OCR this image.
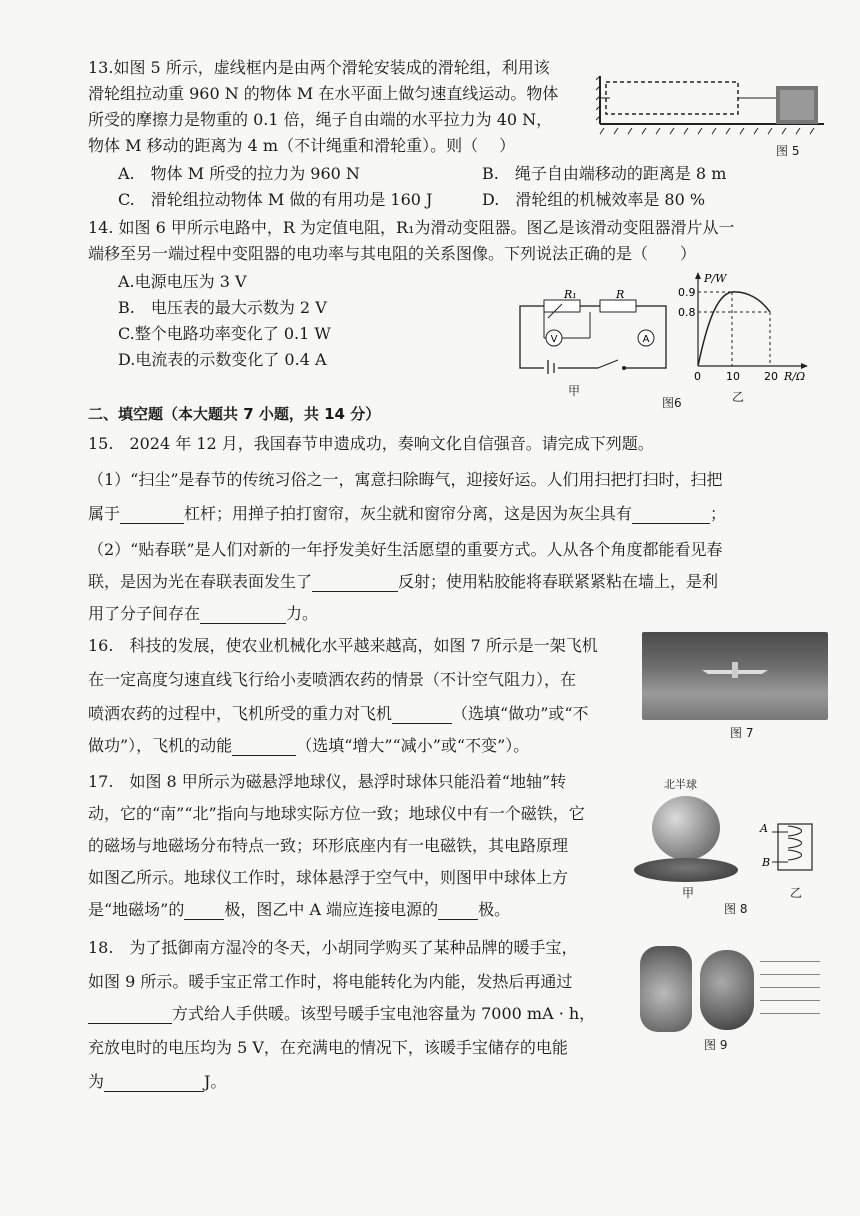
13.如图 5 所示，虚线框内是由两个滑轮安装成的滑轮组，利用该
滑轮组拉动重 960 N 的物体 M 在水平面上做匀速直线运动。物体
所受的摩擦力是物重的 0.1 倍，绳子自由端的水平拉力为 40 N，
物体 M 移动的距离为 4 m（不计绳重和滑轮重）。则（　 ）
A.　物体 M 所受的拉力为 960 N	B.　绳子自由端移动的距离是 8 m
C.　滑轮组拉动物体 M 做的有用功是 160 J	D.　滑轮组的机械效率是 80 %
图 5
14. 如图 6 甲所示电路中，R 为定值电阻，R₁为滑动变阻器。图乙是该滑动变阻器滑片从一
端移至另一端过程中变阻器的电功率与其电阻的关系图像。下列说法正确的是（　　）
A.电源电压为 3 V
B.　电压表的最大示数为 2 V
C.整个电路功率变化了 0.1 W
D.电流表的示数变化了 0.4 A
V	A
R₁	R
甲
P/W
0.9
0.8
0 10 20 R/Ω
乙
图6
二、填空题（本大题共 7 小题，共 14 分）
15.　2024 年 12 月，我国春节申遗成功，奏响文化自信强音。请完成下列题。
（1）“扫尘”是春节的传统习俗之一，寓意扫除晦气，迎接好运。人们用扫把打扫时，扫把
属于	杠杆；用掸子拍打窗帘，灰尘就和窗帘分离，这是因为灰尘具有	；
（2）“贴春联”是人们对新的一年抒发美好生活愿望的重要方式。人从各个角度都能看见春
联，是因为光在春联表面发生了	反射；使用粘胶能将春联紧紧粘在墙上，是利
用了分子间存在	力。
16.　科技的发展，使农业机械化水平越来越高，如图 7 所示是一架飞机
在一定高度匀速直线飞行给小麦喷洒农药的情景（不计空气阻力），在
喷洒农药的过程中，飞机所受的重力对飞机	（选填“做功”或“不
做功”），飞机的动能	（选填“增大”“减小”或“不变”）。
图 7
17.　如图 8 甲所示为磁悬浮地球仪，悬浮时球体只能沿着“地轴”转
动，它的“南”“北”指向与地球实际方位一致；地球仪中有一个磁铁，它
的磁场与地磁场分布特点一致；环形底座内有一电磁铁，其电路原理
如图乙所示。地球仪工作时，球体悬浮于空气中，则图甲中球体上方
是“地磁场”的	极，图乙中 A 端应连接电源的	极。
北半球
甲
A
B
乙
图 8
18.　为了抵御南方湿冷的冬天，小胡同学购买了某种品牌的暖手宝，
如图 9 所示。暖手宝正常工作时，将电能转化为内能，发热后再通过
方式给人手供暖。该型号暖手宝电池容量为 7000 mA · h，
充放电时的电压均为 5 V，在充满电的情况下，该暖手宝储存的电能
为	J。
图 9
